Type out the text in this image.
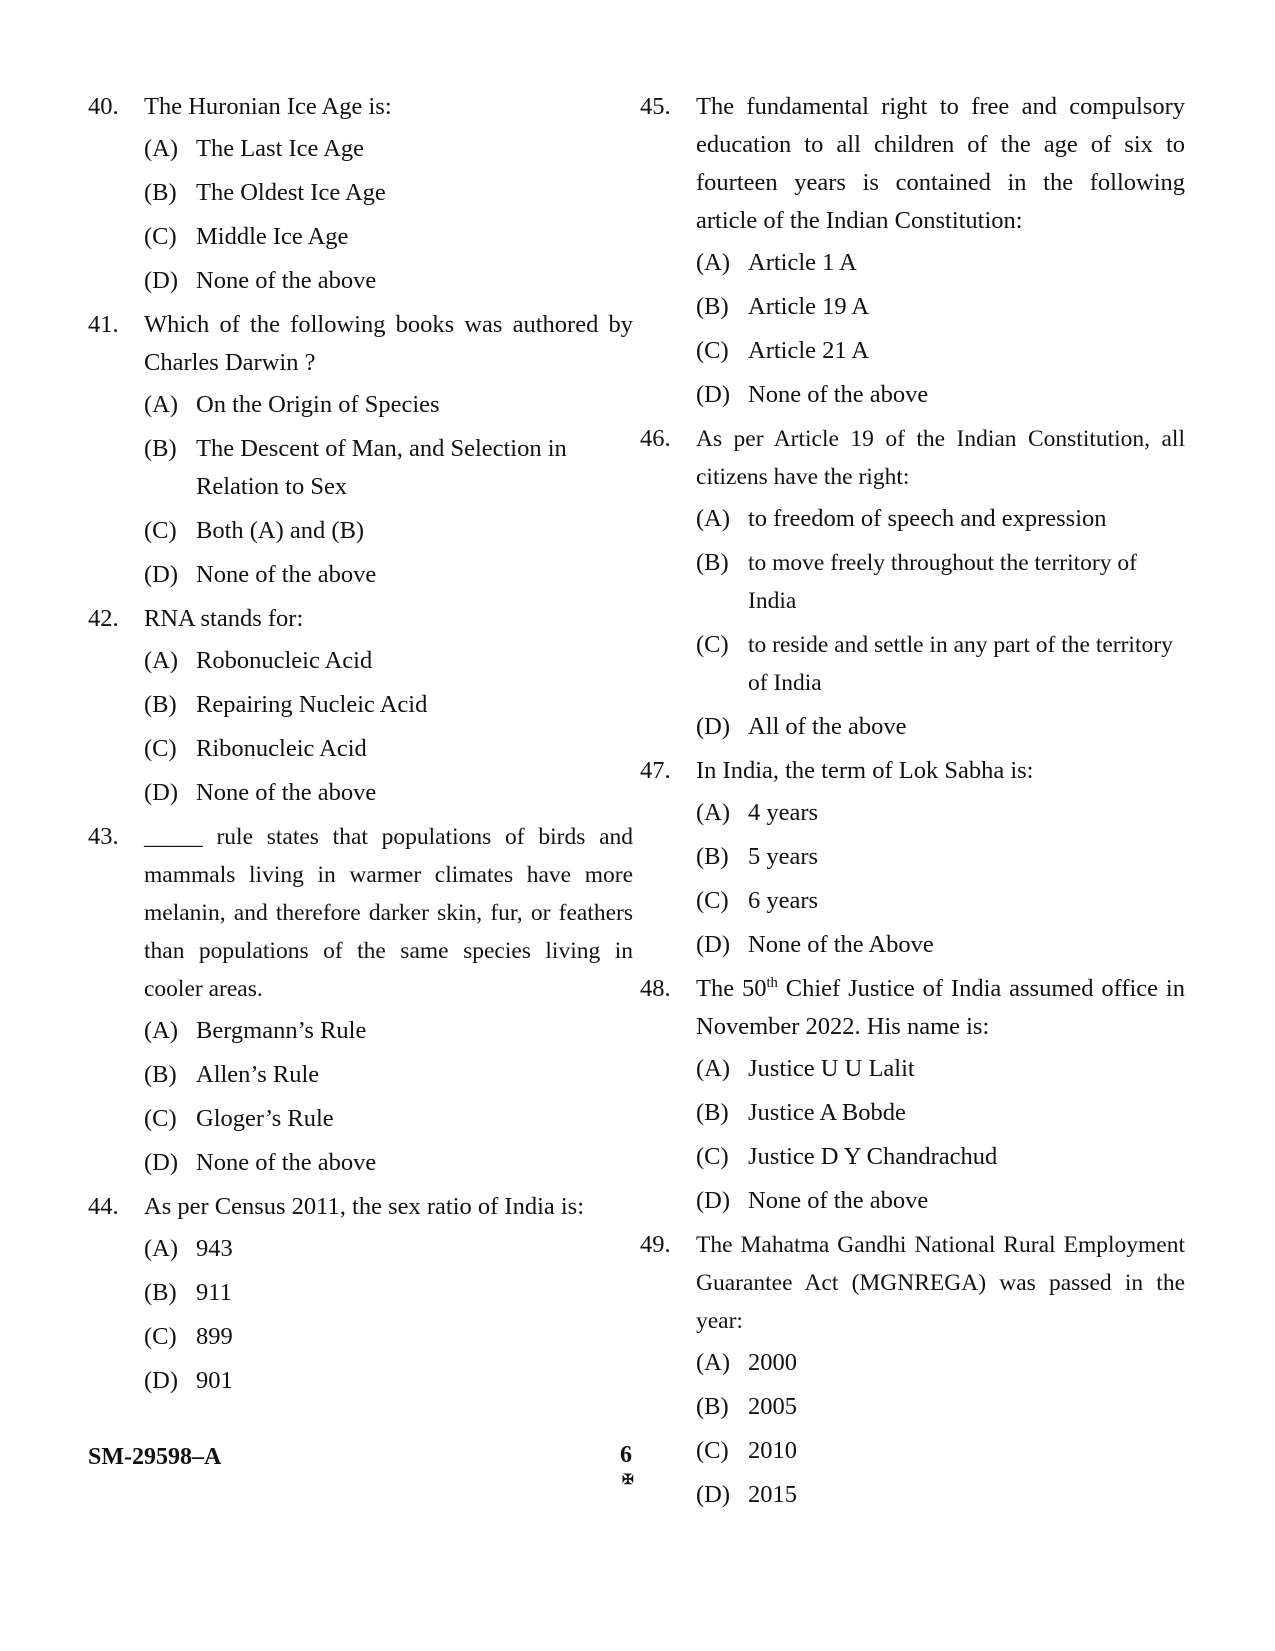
40. The Huronian Ice Age is:
(A) The Last Ice Age
(B) The Oldest Ice Age
(C) Middle Ice Age
(D) None of the above
41. Which of the following books was authored by Charles Darwin ?
(A) On the Origin of Species
(B) The Descent of Man, and Selection in Relation to Sex
(C) Both (A) and (B)
(D) None of the above
42. RNA stands for:
(A) Robonucleic Acid
(B) Repairing Nucleic Acid
(C) Ribonucleic Acid
(D) None of the above
43. _____ rule states that populations of birds and mammals living in warmer climates have more melanin, and therefore darker skin, fur, or feathers than populations of the same species living in cooler areas.
(A) Bergmann’s Rule
(B) Allen’s Rule
(C) Gloger’s Rule
(D) None of the above
44. As per Census 2011, the sex ratio of India is:
(A) 943
(B) 911
(C) 899
(D) 901
45. The fundamental right to free and compulsory education to all children of the age of six to fourteen years is contained in the following article of the Indian Constitution:
(A) Article 1 A
(B) Article 19 A
(C) Article 21 A
(D) None of the above
46. As per Article 19 of the Indian Constitution, all citizens have the right:
(A) to freedom of speech and expression
(B) to move freely throughout the territory of India
(C) to reside and settle in any part of the territory of India
(D) All of the above
47. In India, the term of Lok Sabha is:
(A) 4 years
(B) 5 years
(C) 6 years
(D) None of the Above
48. The 50th Chief Justice of India assumed office in November 2022. His name is:
(A) Justice U U Lalit
(B) Justice A Bobde
(C) Justice D Y Chandrachud
(D) None of the above
49. The Mahatma Gandhi National Rural Employment Guarantee Act (MGNREGA) was passed in the year:
(A) 2000
(B) 2005
(C) 2010
(D) 2015
SM-29598–A	6
✠
